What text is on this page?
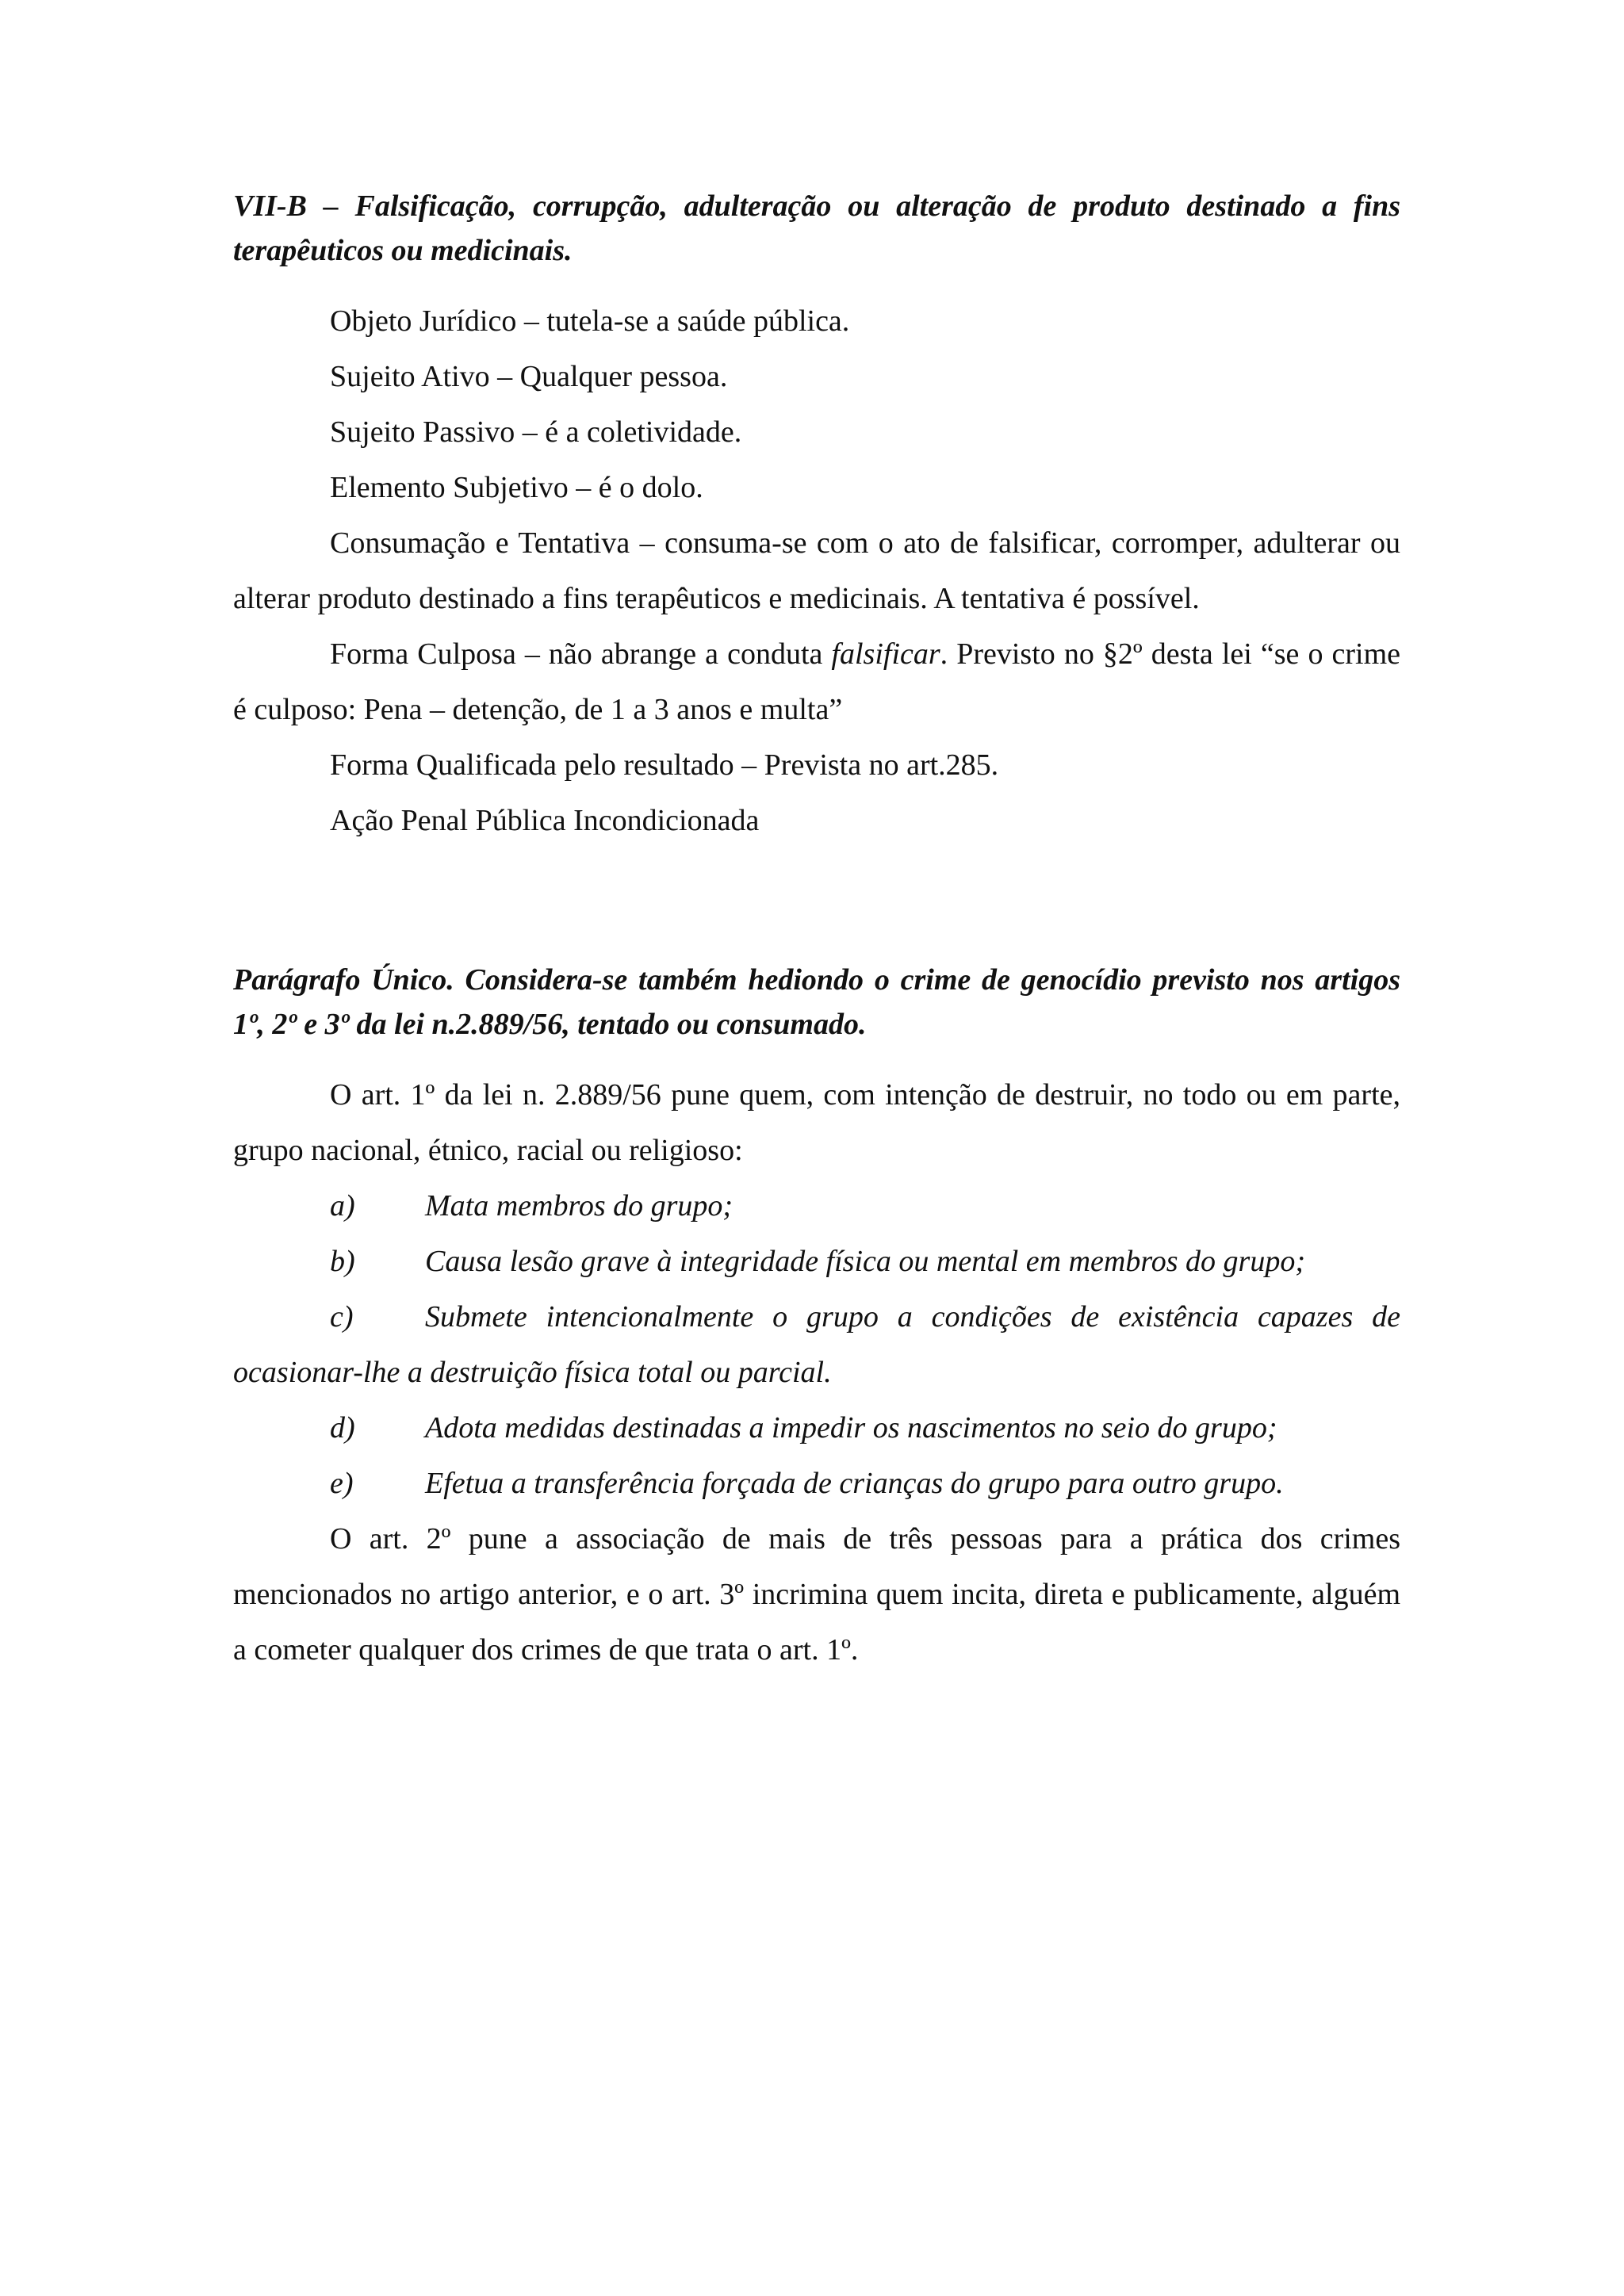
VII-B – Falsificação, corrupção, adulteração ou alteração de produto destinado a fins terapêuticos ou medicinais.

Objeto Jurídico – tutela-se a saúde pública.

Sujeito Ativo – Qualquer pessoa.

Sujeito Passivo – é a coletividade.

Elemento Subjetivo – é o dolo.

Consumação e Tentativa – consuma-se com o ato de falsificar, corromper, adulterar ou alterar produto destinado a fins terapêuticos e medicinais. A tentativa é possível.

Forma Culposa – não abrange a conduta falsificar. Previsto no §2º desta lei “se o crime é culposo: Pena – detenção, de 1 a 3 anos e multa”

Forma Qualificada pelo resultado – Prevista no art.285.

Ação Penal Pública Incondicionada

Parágrafo Único. Considera-se também hediondo o crime de genocídio previsto nos artigos 1º, 2º e 3º da lei n.2.889/56, tentado ou consumado.

O art. 1º da lei n. 2.889/56 pune quem, com intenção de destruir, no todo ou em parte, grupo nacional, étnico, racial ou religioso:

a) Mata membros do grupo;

b) Causa lesão grave à integridade física ou mental em membros do grupo;

c) Submete intencionalmente o grupo a condições de existência capazes de ocasionar-lhe a destruição física total ou parcial.

d) Adota medidas destinadas a impedir os nascimentos no seio do grupo;

e) Efetua a transferência forçada de crianças do grupo para outro grupo.

O art. 2º pune a associação de mais de três pessoas para a prática dos crimes mencionados no artigo anterior, e o art. 3º incrimina quem incita, direta e publicamente, alguém a cometer qualquer dos crimes de que trata o art. 1º.
